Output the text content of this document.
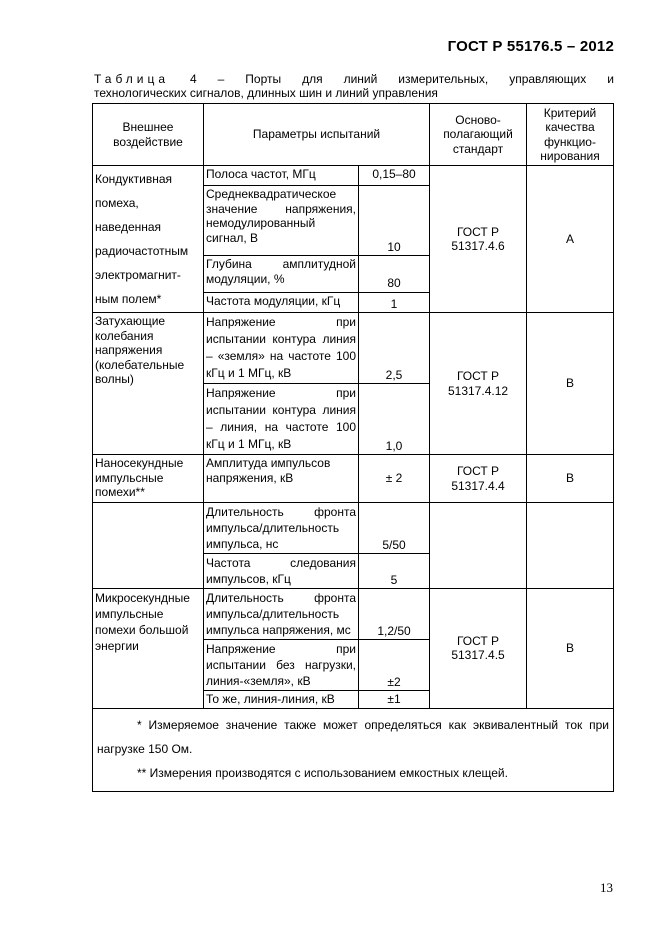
ГОСТ Р 55176.5 – 2012
Таблица 4 – Порты для линий измерительных, управляющих и
технологических сигналов, длинных шин и линий управления
Внешнее воздействие	Параметры испытаний		Осново-полагающий стандарт	Критерий качества функцио-нирования
Кондуктивная помеха, наведенная радиочастотным электромагнит-ным полем*	Полоса частот, МГц	0,15–80	ГОСТ Р 51317.4.6	А
	Среднеквадратическое значение напряжения, немодулированный сигнал, В	10		
	Глубина амплитудной модуляции, %	80		
	Частота модуляции, кГц	1		
Затухающие колебания напряжения (колебательные волны)	Напряжение при испытании контура линия – «земля» на частоте 100 кГц и 1 МГц, кВ	2,5	ГОСТ Р 51317.4.12	В
	Напряжение при испытании контура линия – линия, на частоте 100 кГц и 1 МГц, кВ	1,0		
Наносекундные импульсные помехи**	Амплитуда импульсов напряжения, кВ	± 2	ГОСТ Р 51317.4.4	В
	Длительность фронта импульса/длительность импульса, нс	5/50		
	Частота следования импульсов, кГц	5		
Микросекундные импульсные помехи большой энергии	Длительность фронта импульса/длительность импульса напряжения, мс	1,2/50	ГОСТ Р 51317.4.5	В
	Напряжение при испытании без нагрузки, линия-«земля», кВ	±2		
	То же, линия-линия, кВ	±1		

* Измеряемое значение также может определяться как эквивалентный ток при нагрузке 150 Ом.

** Измерения производятся с использованием емкостных клещей.				

13
